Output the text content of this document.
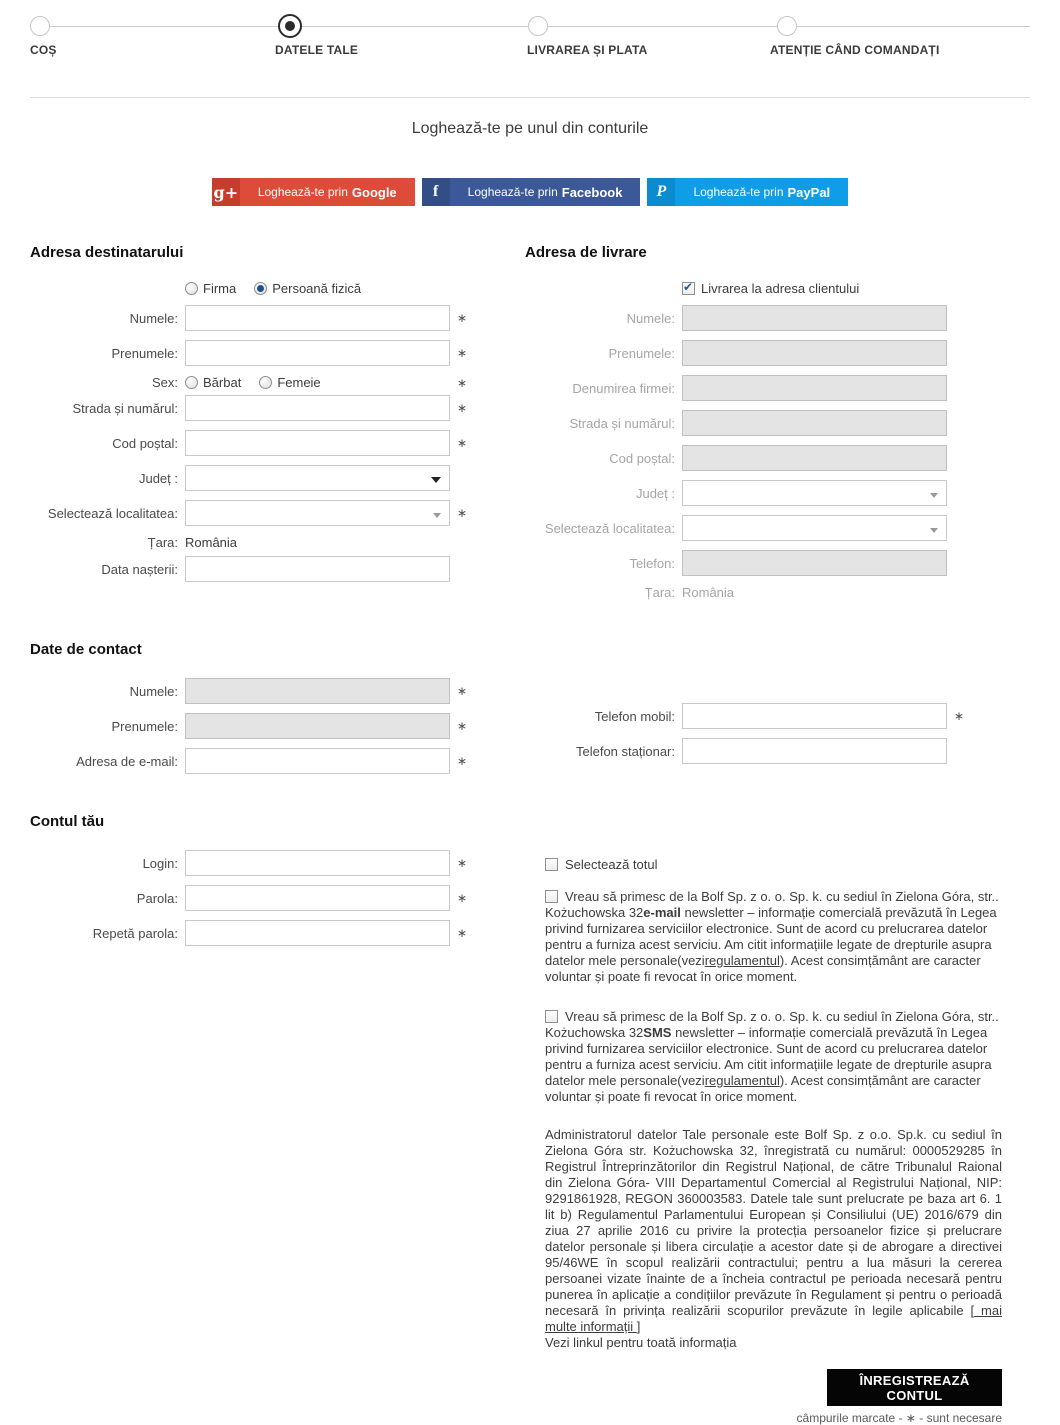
COȘ	DATELE TALE	LIVRAREA ȘI PLATA	ATENȚIE CÂND COMANDAȚI
Loghează-te pe unul din conturile
g+ Loghează-te prin Google	f	Loghează-te prin Facebook	P	Loghează-te prin PayPal
Adresa destinatarului
Firma	Persoană fizică
Numele:	∗
Prenumele:	∗
Sex:	Bărbat	Femeie	∗
Strada și numărul:	∗
Cod poștal:	∗
Județ :
Selectează localitatea:	∗
Țara: România
Data nașterii:
Adresa de livrare
✔Livrarea la adresa clientului
Numele:
Prenumele:
Denumirea firmei:
Strada și numărul:
Cod poștal:
Județ :
Selectează localitatea:
Telefon:
Țara: România
Date de contact
Numele:	∗
Prenumele:	∗
Adresa de e-mail:	∗
Telefon mobil:	∗
Telefon staționar:
Contul tău
Login:	∗
Parola:	∗
Repetă parola:	∗
Selectează totul
Vreau să primesc de la Bolf Sp. z o. o. Sp. k. cu sediul în Zielona Góra, str.. Kożuchowska 32e-mail newsletter – informație comercială prevăzută în Legea privind furnizarea serviciilor electronice. Sunt de acord cu prelucrarea datelor pentru a furniza acest serviciu. Am citit informațiile legate de drepturile asupra datelor mele personale(veziregulamentul). Acest consimțământ are caracter voluntar și poate fi revocat în orice moment.
Vreau să primesc de la Bolf Sp. z o. o. Sp. k. cu sediul în Zielona Góra, str.. Kożuchowska 32SMS newsletter – informație comercială prevăzută în Legea privind furnizarea serviciilor electronice. Sunt de acord cu prelucrarea datelor pentru a furniza acest serviciu. Am citit informațiile legate de drepturile asupra datelor mele personale(veziregulamentul). Acest consimțământ are caracter voluntar și poate fi revocat în orice moment.
Administratorul datelor Tale personale este Bolf Sp. z o.o. Sp.k. cu sediul în Zielona Góra str. Kożuchowska 32, înregistrată cu numărul: 0000529285 în Registrul Întreprinzătorilor din Registrul Național, de către Tribunalul Raional din Zielona Góra- VIII Departamentul Comercial al Registrului Național, NIP: 9291861928, REGON 360003583. Datele tale sunt prelucrate pe baza art 6. 1 lit b) Regulamentul Parlamentului European și Consiliului (UE) 2016/679 din ziua 27 aprilie 2016 cu privire la protecția persoanelor fizice și prelucrare datelor personale și libera circulație a acestor date și de abrogare a directivei 95/46WE în scopul realizării contractului; pentru a lua măsuri la cererea persoanei vizate înainte de a încheia contractul pe perioada necesară pentru punerea în aplicație a condițiilor prevăzute în Regulament și pentru o perioadă necesară în privința realizării scopurilor prevăzute în legile aplicabile [ mai multe informații ]
Vezi linkul pentru toată informația
ÎNREGISTREAZĂ CONTUL
câmpurile marcate - ∗ - sunt necesare
